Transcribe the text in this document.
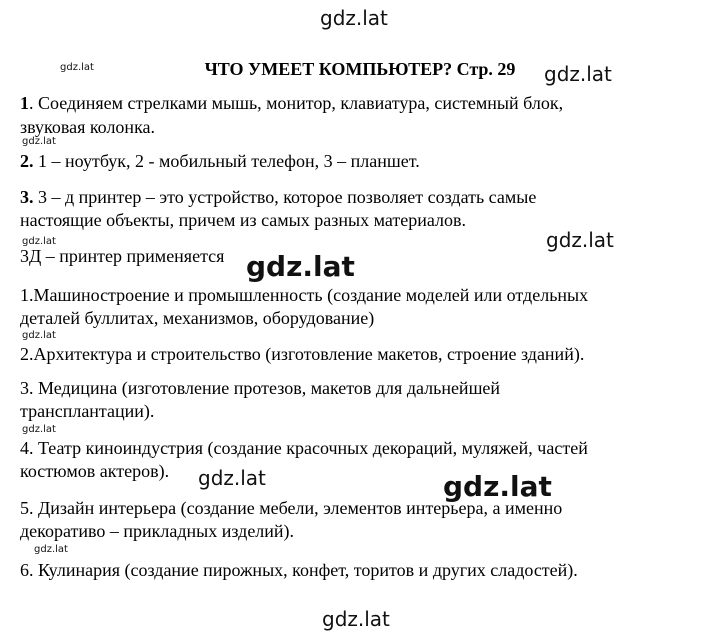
gdz.lat
gdz.lat	ЧТО УМЕЕТ КОМПЬЮТЕР? Стр. 29	gdz.lat
1. Соединяем стрелками мышь, монитор, клавиатура, системный блок,
звуковая колонка.
gdz.lat
2. 1 – ноутбук, 2 - мобильный телефон, 3 – планшет.
3. 3 – д принтер – это устройство, которое позволяет создать самые
настоящие объекты, причем из самых разных материалов.
gdz.lat
gdz.lat
3Д – принтер применяется gdz.lat
1.Машиностроение и промышленность (создание моделей или отдельных
деталей буллитах, механизмов, оборудование)
gdz.lat
2.Архитектура и строительство (изготовление макетов, строение зданий).
3. Медицина (изготовление протезов, макетов для дальнейшей
трансплантации).
gdz.lat
4. Театр киноиндустрия (создание красочных декораций, муляжей, частей
костюмов актеров). gdz.lat	gdz.lat
5. Дизайн интерьера (создание мебели, элементов интерьера, а именно
декоративо – прикладных изделий).
gdz.lat
6. Кулинария (создание пирожных, конфет, торитов и других сладостей).
gdz.lat
